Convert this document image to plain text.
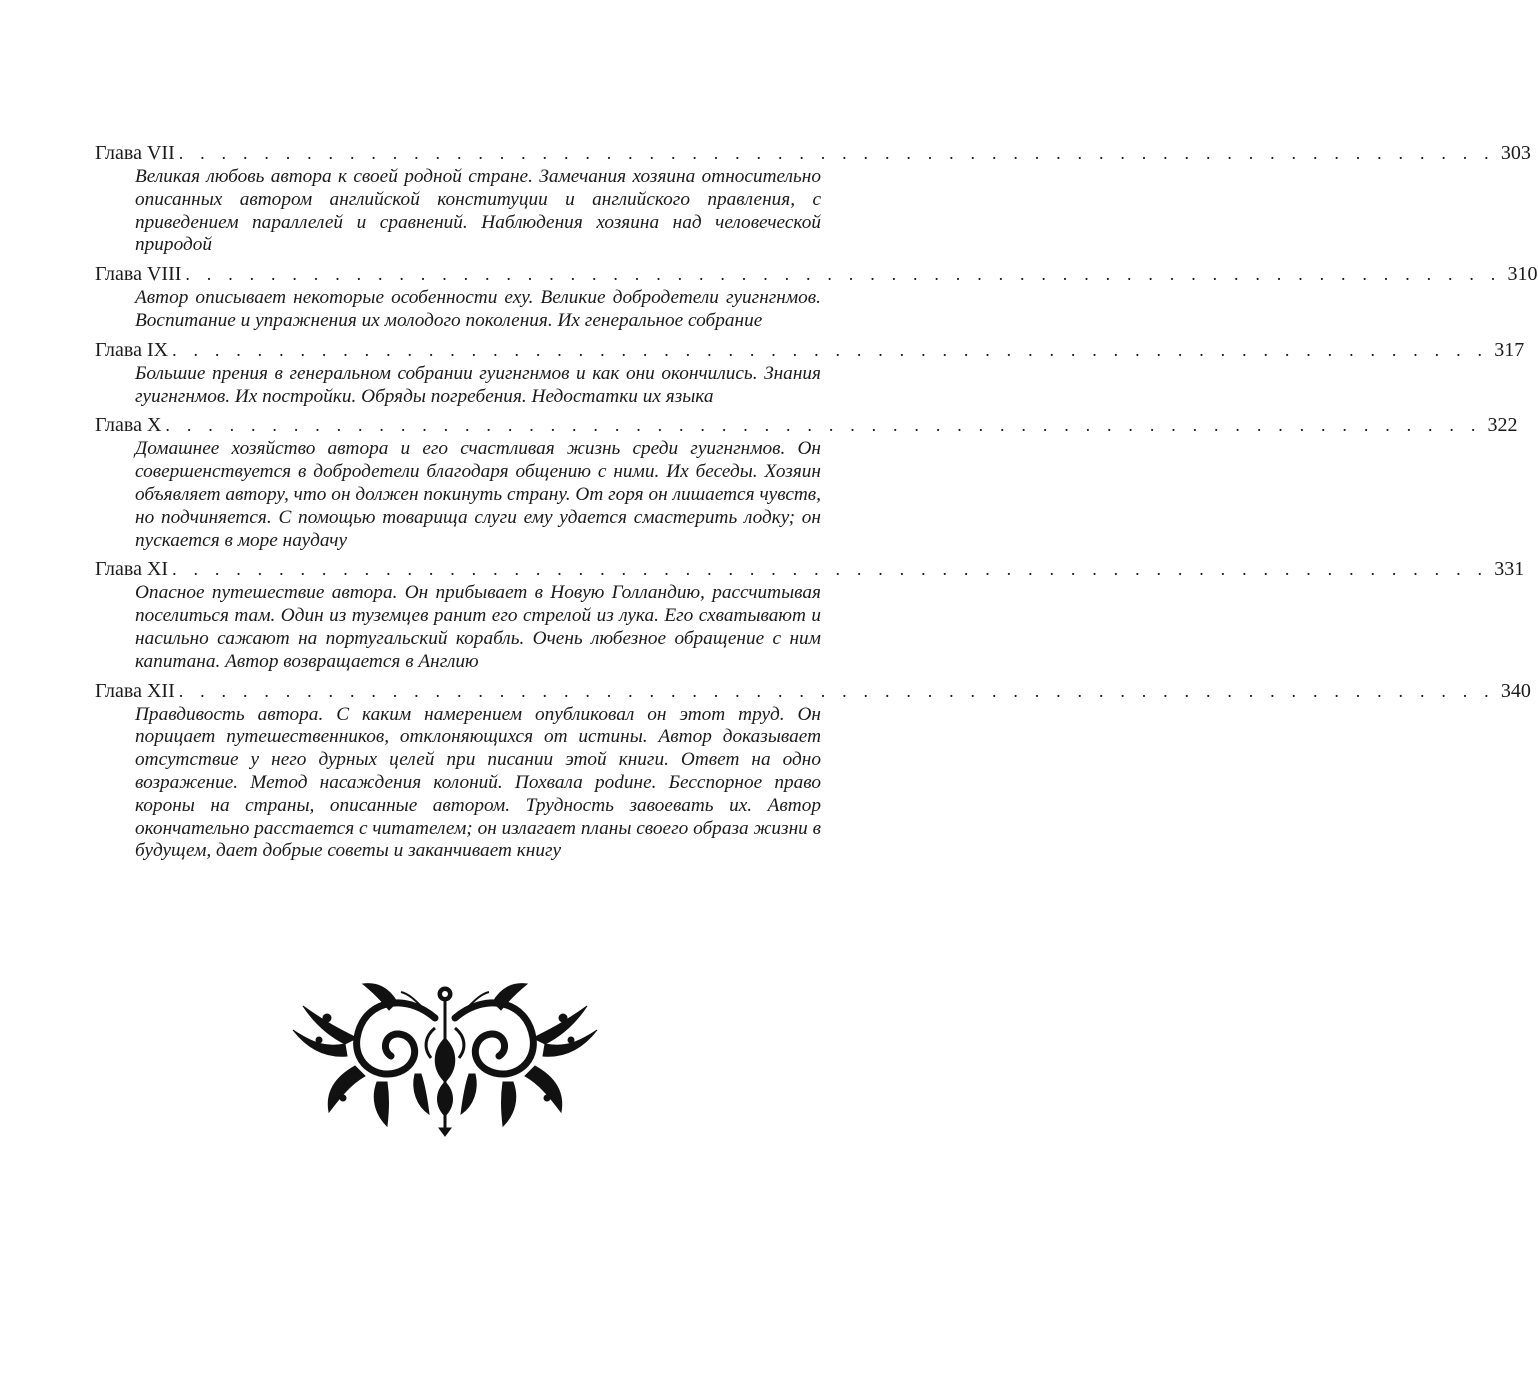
Глава VII . . . . . . . . . . . . . . . . . . . . . . . . . . . . . . . . . . . . . . . . . . . . . . . . . . . . . . . . . . . . . . 303

Великая любовь автора к своей родной стране. Замечания хозяина относительно описанных автором английской конституции и английского правления, с приведением параллелей и сравнений. Наблюдения хозяина над человеческой природой

Глава VIII . . . . . . . . . . . . . . . . . . . . . . . . . . . . . . . . . . . . . . . . . . . . . . . . . . . . . . . . . . . . . . 310

Автор описывает некоторые особенности еху. Великие добродетели гуигнгнмов. Воспитание и упражнения их молодого поколения. Их генеральное собрание

Глава IX . . . . . . . . . . . . . . . . . . . . . . . . . . . . . . . . . . . . . . . . . . . . . . . . . . . . . . . . . . . . . . 317

Большие прения в генеральном собрании гуигнгнмов и как они окончились. Знания гуигнгнмов. Их постройки. Обряды погребения. Недостатки их языка

Глава X . . . . . . . . . . . . . . . . . . . . . . . . . . . . . . . . . . . . . . . . . . . . . . . . . . . . . . . . . . . . . . 322

Домашнее хозяйство автора и его счастливая жизнь среди гуигнгнмов. Он совершенствуется в добродетели благодаря общению с ними. Их беседы. Хозяин объявляет автору, что он должен покинуть страну. От горя он лишается чувств, но подчиняется. С помощью товарища слуги ему удается смастерить лодку; он пускается в море наудачу

Глава XI . . . . . . . . . . . . . . . . . . . . . . . . . . . . . . . . . . . . . . . . . . . . . . . . . . . . . . . . . . . . . . 331

Опасное путешествие автора. Он прибывает в Новую Голландию, рассчитывая поселиться там. Один из туземцев ранит его стрелой из лука. Его схватывают и насильно сажают на португальский корабль. Очень любезное обращение с ним капитана. Автор возвращается в Англию

Глава XII . . . . . . . . . . . . . . . . . . . . . . . . . . . . . . . . . . . . . . . . . . . . . . . . . . . . . . . . . . . . . . 340

Правдивость автора. С каким намерением опубликовал он этот труд. Он порицает путешественников, отклоняющихся от истины. Автор доказывает отсутствие у него дурных целей при писании этой книги. Ответ на одно возражение. Метод насаждения колоний. Похвала роdине. Бесспорное право короны на страны, описанные автором. Трудность завоевать их. Автор окончательно расстается с читателем; он излагает планы своего образа жизни в будущем, дает добрые советы и заканчивает книгу
